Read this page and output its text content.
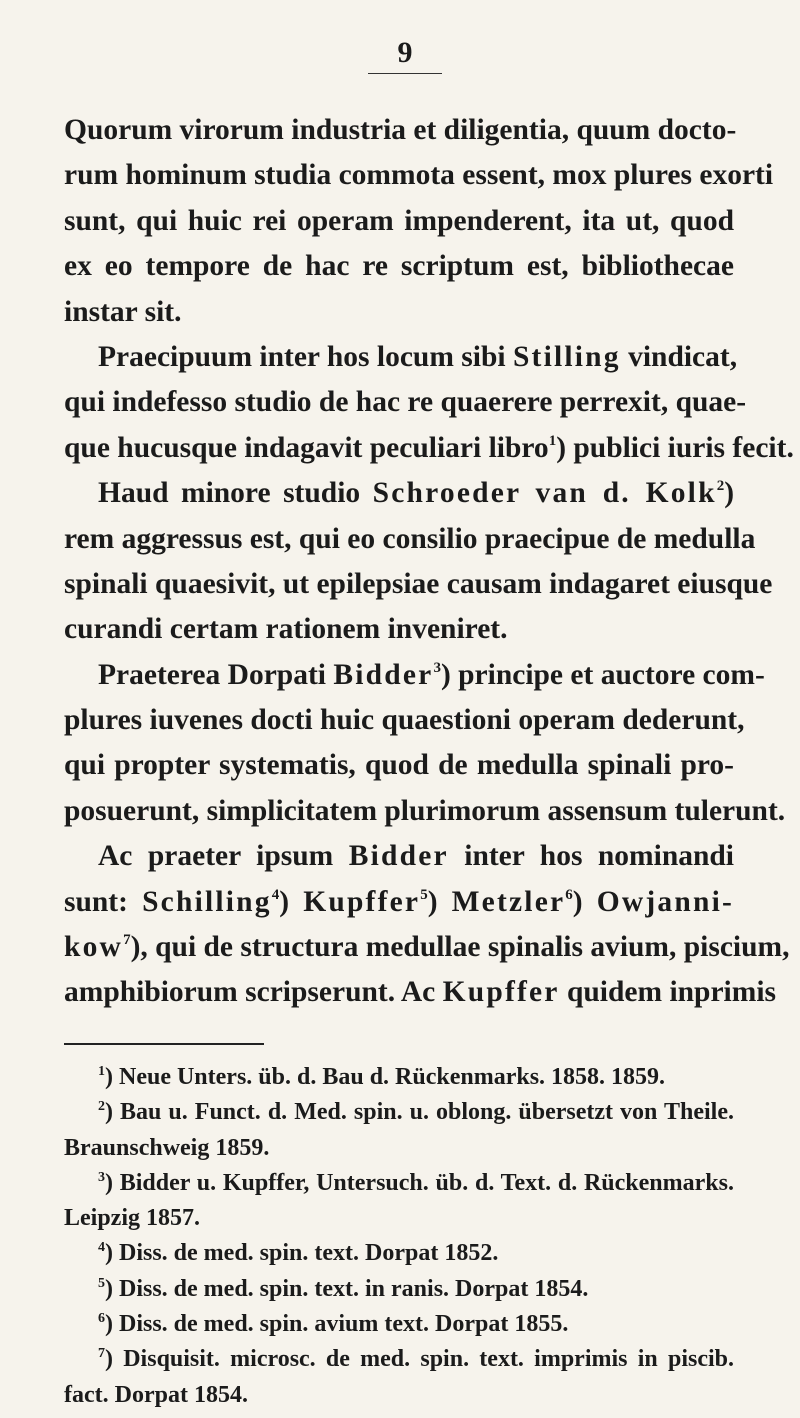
9
Quorum virorum industria et diligentia, quum docto-
rum hominum studia commota essent, mox plures exorti
sunt, qui huic rei operam impenderent, ita ut, quod
ex eo tempore de hac re scriptum est, bibliothecae
instar sit.
Praecipuum inter hos locum sibi Stilling vindicat,
qui indefesso studio de hac re quaerere perrexit, quae-
que hucusque indagavit peculiari libro$^1$) publici iuris fecit.
Haud minore studio Schroeder van d. Kolk$^2$)
rem aggressus est, qui eo consilio praecipue de medulla
spinali quaesivit, ut epilepsiae causam indagaret eiusque
curandi certam rationem inveniret.
Praeterea Dorpati Bidder$^3$) principe et auctore com-
plures iuvenes docti huic quaestioni operam dederunt,
qui propter systematis, quod de medulla spinali pro-
posuerunt, simplicitatem plurimorum assensum tulerunt.
Ac praeter ipsum Bidder inter hos nominandi
sunt: Schilling$^4$) Kupffer$^5$) Metzler$^6$) Owjanni-
kow$^7$), qui de structura medullae spinalis avium, piscium,
amphibiorum scripserunt. Ac Kupffer quidem inprimis
$^1$) Neue Unters. üb. d. Bau d. Rückenmarks. 1858. 1859.
$^2$) Bau u. Funct. d. Med. spin. u. oblong. übersetzt von Theile.
Braunschweig 1859.
$^3$) Bidder u. Kupffer, Untersuch. üb. d. Text. d. Rückenmarks.
Leipzig 1857.
$^4$) Diss. de med. spin. text. Dorpat 1852.
$^5$) Diss. de med. spin. text. in ranis. Dorpat 1854.
$^6$) Diss. de med. spin. avium text. Dorpat 1855.
$^7$) Disquisit. microsc. de med. spin. text. imprimis in piscib.
fact. Dorpat 1854.
